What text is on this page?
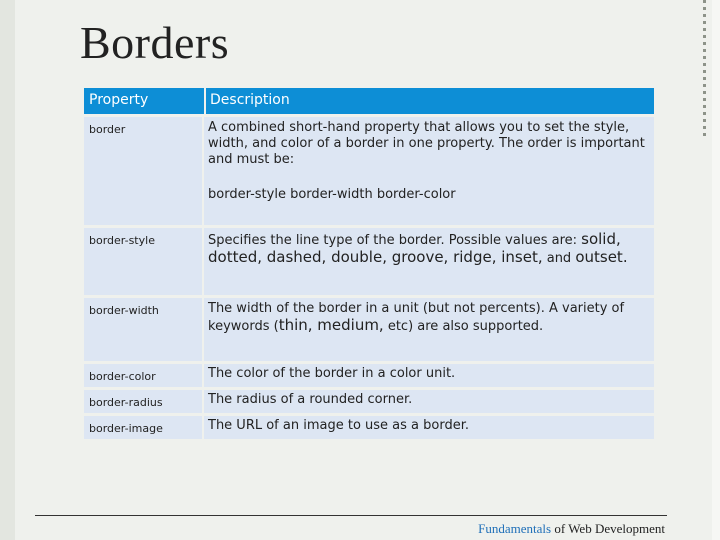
Borders
Property	Description
border	A combined short-hand property that allows you to set the style, width, and color of a border in one property. The order is important and must be:
border-style border-width border-color

border-style	Specifies the line type of the border. Possible values are: solid, dotted, dashed, double, groove, ridge, inset, and outset.
border-width	The width of the border in a unit (but not percents). A variety of keywords (thin, medium, etc) are also supported.
border-color	The color of the border in a color unit.
border-radius	The radius of a rounded corner.
border-image	The URL of an image to use as a border.
Fundamentals of Web Development
